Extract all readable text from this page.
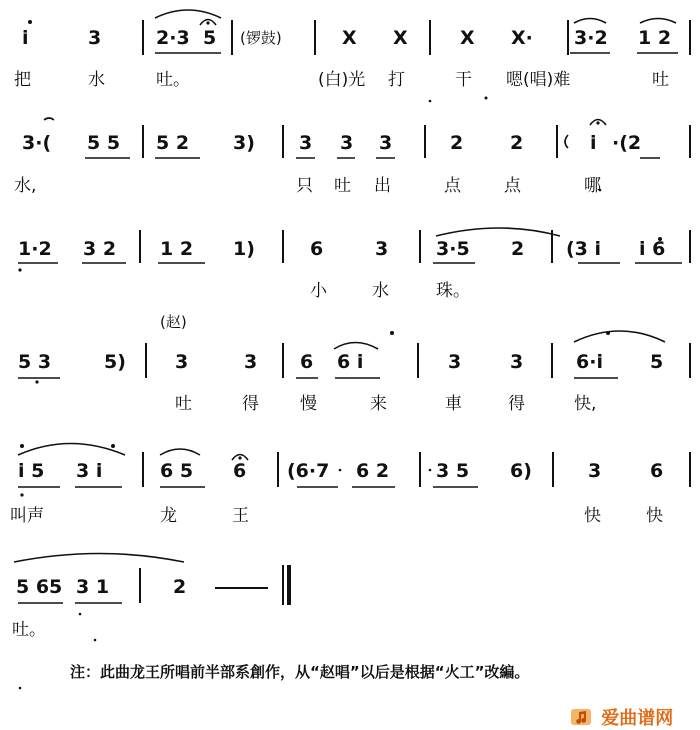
i	3	2·3 5 (锣鼓)	X X	X X· 3·2 1 2
把	水	吐。	(白)光 打	干 嗯(唱)难	吐
3·( 5 5 5 2 3) 3 3 3	2 2	i ·(2
水,	只 吐 出	点	点	哪
1·2 3 2 1 2 1)	6	3	3·5 2 (3 i i 6
小	水	珠。
(赵)
5 3	5)	3	3 6 6 i	3	3	6·i 5
吐	得 慢	来	車	得	快,
i 5 3 i	6 5 6 (6·7 6 2 3 5 6)	3	6
叫声	龙	王	快	快
5 65 3 1	2
吐。
注：此曲龙王所唱前半部系創作，从“赵唱”以后是根据“火工”改編。
爱曲谱网
